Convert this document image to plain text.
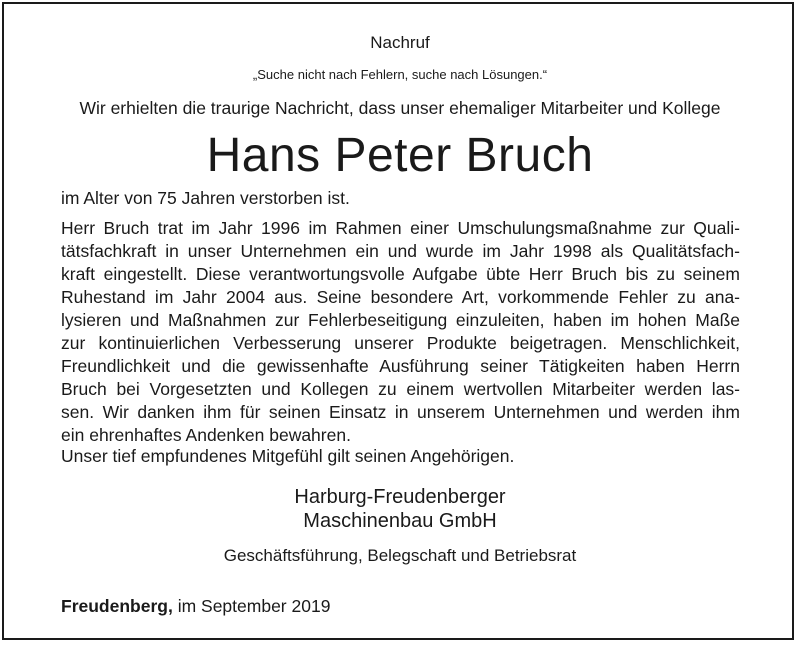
Nachruf
„Suche nicht nach Fehlern, suche nach Lösungen.“
Wir erhielten die traurige Nachricht, dass unser ehemaliger Mitarbeiter und Kollege
Hans Peter Bruch
im Alter von 75 Jahren verstorben ist.
Herr Bruch trat im Jahr 1996 im Rahmen einer Umschulungsmaßnahme zur Quali-
tätsfachkraft in unser Unternehmen ein und wurde im Jahr 1998 als Qualitätsfach-
kraft eingestellt. Diese verantwortungsvolle Aufgabe übte Herr Bruch bis zu seinem
Ruhestand im Jahr 2004 aus. Seine besondere Art, vorkommende Fehler zu ana-
lysieren und Maßnahmen zur Fehlerbeseitigung einzuleiten, haben im hohen Maße
zur kontinuierlichen Verbesserung unserer Produkte beigetragen. Menschlichkeit,
Freundlichkeit und die gewissenhafte Ausführung seiner Tätigkeiten haben Herrn
Bruch bei Vorgesetzten und Kollegen zu einem wertvollen Mitarbeiter werden las-
sen. Wir danken ihm für seinen Einsatz in unserem Unternehmen und werden ihm
ein ehrenhaftes Andenken bewahren.
Unser tief empfundenes Mitgefühl gilt seinen Angehörigen.
Harburg-Freudenberger
Maschinenbau GmbH
Geschäftsführung, Belegschaft und Betriebsrat
Freudenberg, im September 2019
